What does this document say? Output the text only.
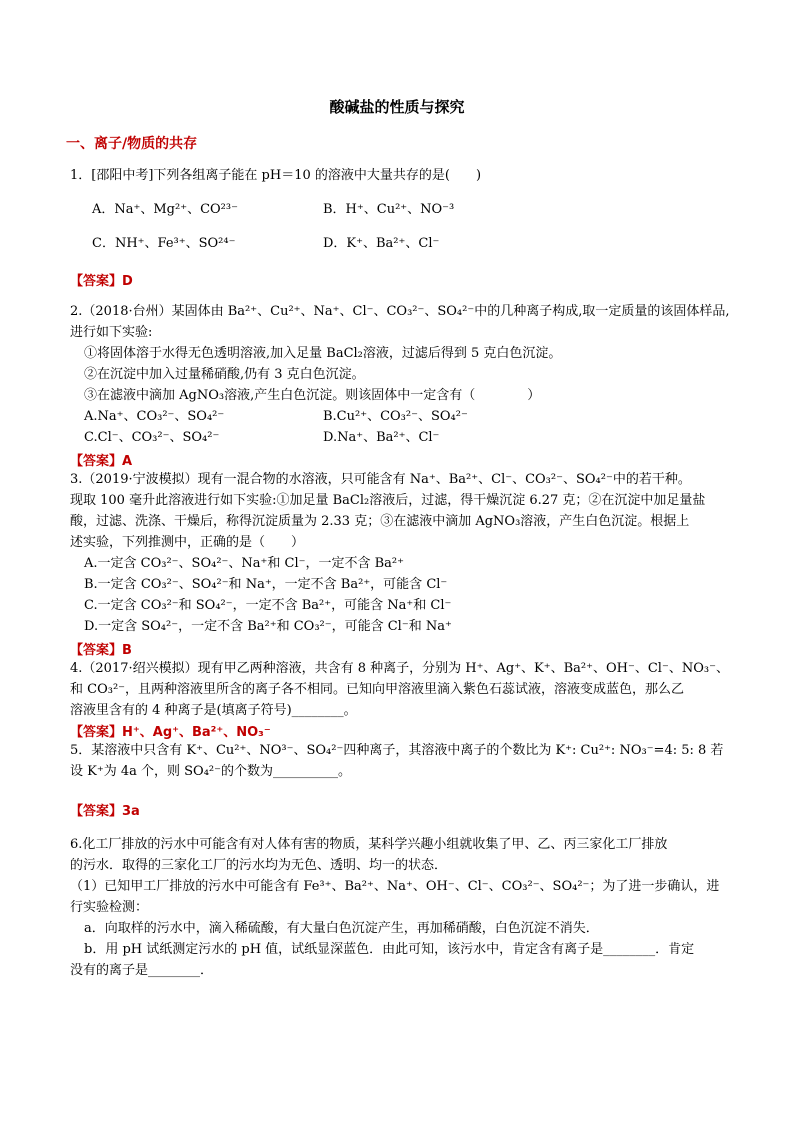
酸碱盐的性质与探究
一、离子/物质的共存
1．[邵阳中考]下列各组离子能在 pH＝10 的溶液中大量共存的是(　　)
A．Na⁺、Mg²⁺、CO²³⁻	B．H⁺、Cu²⁺、NO⁻³
C．NH⁺、Fe³⁺、SO²⁴⁻	D．K⁺、Ba²⁺、Cl⁻
【答案】D
2.（2018·台州）某固体由 Ba²⁺、Cu²⁺、Na⁺、Cl⁻、CO₃²⁻、SO₄²⁻中的几种离子构成,取一定质量的该固体样品,
进行如下实验:
①将固体溶于水得无色透明溶液,加入足量 BaCl₂溶液，过滤后得到 5 克白色沉淀。
②在沉淀中加入过量稀硝酸,仍有 3 克白色沉淀。
③在滤液中滴加 AgNO₃溶液,产生白色沉淀。则该固体中一定含有（　　　　）
A.Na⁺、CO₃²⁻、SO₄²⁻	B.Cu²⁺、CO₃²⁻、SO₄²⁻
C.Cl⁻、CO₃²⁻、SO₄²⁻	D.Na⁺、Ba²⁺、Cl⁻
【答案】A
3.（2019·宁波模拟）现有一混合物的水溶液，只可能含有 Na⁺、Ba²⁺、Cl⁻、CO₃²⁻、SO₄²⁻中的若干种。
现取 100 毫升此溶液进行如下实验:①加足量 BaCl₂溶液后，过滤，得干燥沉淀 6.27 克；②在沉淀中加足量盐
酸，过滤、洗涤、干燥后，称得沉淀质量为 2.33 克；③在滤液中滴加 AgNO₃溶液，产生白色沉淀。根据上
述实验，下列推测中，正确的是（　　）
A.一定含 CO₃²⁻、SO₄²⁻、Na⁺和 Cl⁻，一定不含 Ba²⁺
B.一定含 CO₃²⁻、SO₄²⁻和 Na⁺，一定不含 Ba²⁺，可能含 Cl⁻
C.一定含 CO₃²⁻和 SO₄²⁻，一定不含 Ba²⁺，可能含 Na⁺和 Cl⁻
D.一定含 SO₄²⁻，一定不含 Ba²⁺和 CO₃²⁻，可能含 Cl⁻和 Na⁺
【答案】B
4.（2017·绍兴模拟）现有甲乙两种溶液，共含有 8 种离子，分别为 H⁺、Ag⁺、K⁺、Ba²⁺、OH⁻、Cl⁻、NO₃⁻、
和 CO₃²⁻，且两种溶液里所含的离子各不相同。已知向甲溶液里滴入紫色石蕊试液，溶液变成蓝色，那么乙
溶液里含有的 4 种离子是(填离子符号)________。
【答案】H⁺、Ag⁺、Ba²⁺、NO₃⁻
5．某溶液中只含有 K⁺、Cu²⁺、NO³⁻、SO₄²⁻四种离子，其溶液中离子的个数比为 K⁺: Cu²⁺: NO₃⁻=4: 5: 8 若
设 K⁺为 4a 个，则 SO₄²⁻的个数为__________。
【答案】3a
6.化工厂排放的污水中可能含有对人体有害的物质，某科学兴趣小组就收集了甲、乙、丙三家化工厂排放
的污水．取得的三家化工厂的污水均为无色、透明、均一的状态．
（1）已知甲工厂排放的污水中可能含有 Fe³⁺、Ba²⁺、Na⁺、OH⁻、Cl⁻、CO₃²⁻、SO₄²⁻；为了进一步确认，进
行实验检测：
a．向取样的污水中，滴入稀硫酸，有大量白色沉淀产生，再加稀硝酸，白色沉淀不消失．
b．用 pH 试纸测定污水的 pH 值，试纸显深蓝色．由此可知，该污水中，肯定含有离子是________．肯定
没有的离子是________．
